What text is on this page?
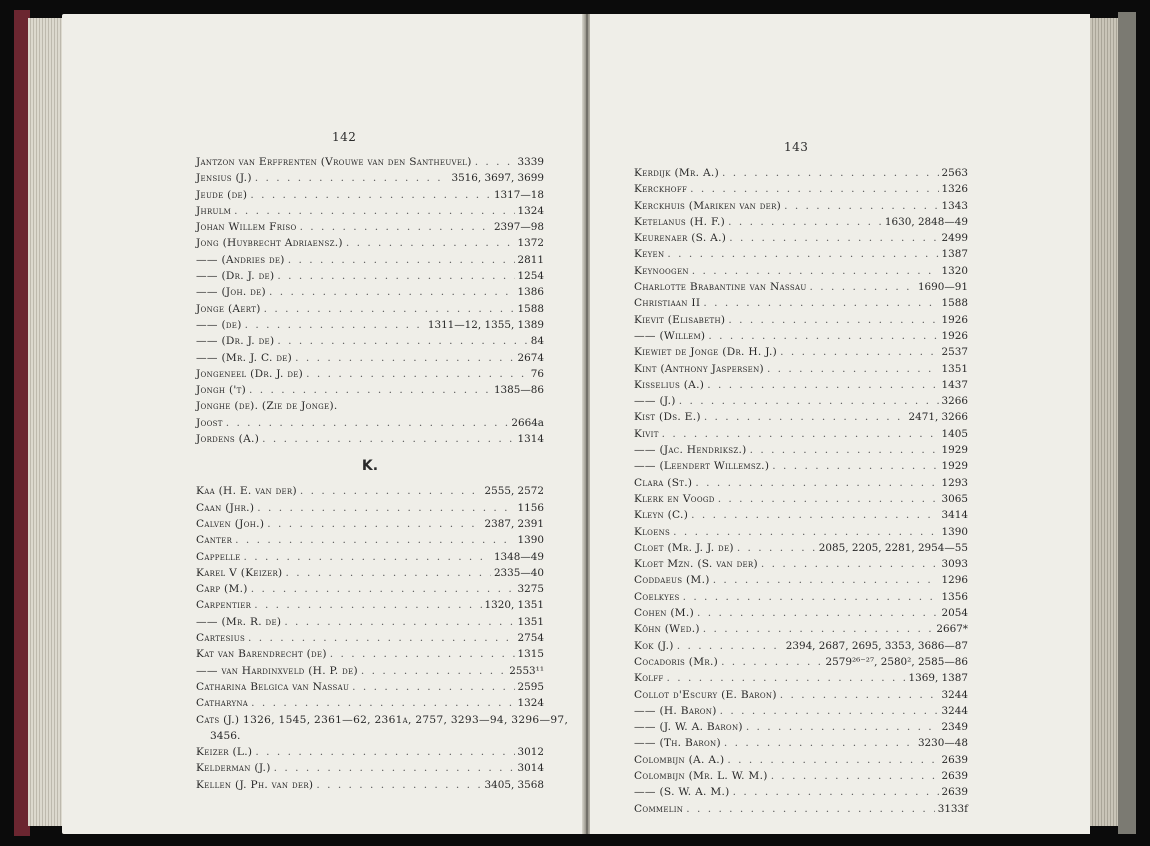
142
Jantzon van Erffrenten (Vrouwe van den Santheuvel) . . .	3339
Jensius (J.) . . .	3516, 3697, 3699
Jeude (de) . . .	1317—18
Jhrulm . . .	1324
Johan Willem Friso . . .	2397—98
Jong (Huybrecht Adriaensz.) . . .	1372
—— (Andries de) . . .	2811
—— (Dr. J. de) . . .	1254
—— (Joh. de) . . .	1386
Jonge (Aert) . . .	1588
—— (de) . . .	1311—12, 1355, 1389
—— (Dr. J. de) . . .	84
—— (Mr. J. C. de) . . .	2674
Jongeneel (Dr. J. de) . . .	76
Jongh ('t) . . .	1385—86
Jonghe (de). (Zie de Jonge).
Joost . . .	2664a
Jordens (A.) . . .	1314
K.
Kaa (H. E. van der) . . .	2555, 2572
Caan (Jhr.) . . .	1156
Calven (Joh.) . . .	2387, 2391
Canter . . .	1390
Cappelle . . .	1348—49
Karel V (Keizer) . . .	2335—40
Carp (M.) . . .	3275
Carpentier . . .	1320, 1351
—— (Mr. R. de) . . .	1351
Cartesius . . .	2754
Kat van Barendrecht (de) . . .	1315
—— van Hardinxveld (H. P. de) . . .	2553¹¹
Catharina Belgica van Nassau . . .	2595
Catharyna . . .	1324
Cats (J.) 1326, 1545, 2361—62, 2361a, 2757, 3293—94, 3296—97,
3456.
Keizer (L.) . . .	3012
Kelderman (J.) . . .	3014
Kellen (J. Ph. van der) . . .	3405, 3568
143
Kerdijk (Mr. A.) . . .	2563
Kerckhoff . . .	1326
Kerckhuis (Mariken van der) . . .	1343
Ketelanus (H. F.) . . .	1630, 2848—49
Keurenaer (S. A.) . . .	2499
Keyen . . .	1387
Keynoogen . . .	1320
Charlotte Brabantine van Nassau . . .	1690—91
Christiaan II . . .	1588
Kievit (Elisabeth) . . .	1926
—— (Willem) . . .	1926
Kiewiet de Jonge (Dr. H. J.) . . .	2537
Kint (Anthony Jaspersen) . . .	1351
Kisselius (A.) . . .	1437
—— (J.) . . .	3266
Kist (Ds. E.) . . .	2471, 3266
Kivit . . .	1405
—— (Jac. Hendriksz.) . . .	1929
—— (Leendert Willemsz.) . . .	1929
Clara (St.) . . .	1293
Klerk en Voogd . . .	3065
Kleyn (C.) . . .	3414
Kloens . . .	1390
Cloet (Mr. J. J. de) . . .	2085, 2205, 2281, 2954—55
Kloet Mzn. (S. van der) . . .	3093
Coddaeus (M.) . . .	1296
Coelkyes . . .	1356
Cohen (M.) . . .	2054
Köhn (Wed.) . . .	2667*
Kok (J.) . . .	2394, 2687, 2695, 3353, 3686—87
Cocadoris (Mr.) . . .	2579²⁶⁻²⁷, 2580², 2585—86
Kolff . . .	1369, 1387
Collot d'Escury (E. Baron) . . .	3244
—— (H. Baron) . . .	3244
—— (J. W. A. Baron) . . .	2349
—— (Th. Baron) . . .	3230—48
Colombijn (A. A.) . . .	2639
Colombijn (Mr. L. W. M.) . . .	2639
—— (S. W. A. M.) . . .	2639
Commelin . . .	3133f
